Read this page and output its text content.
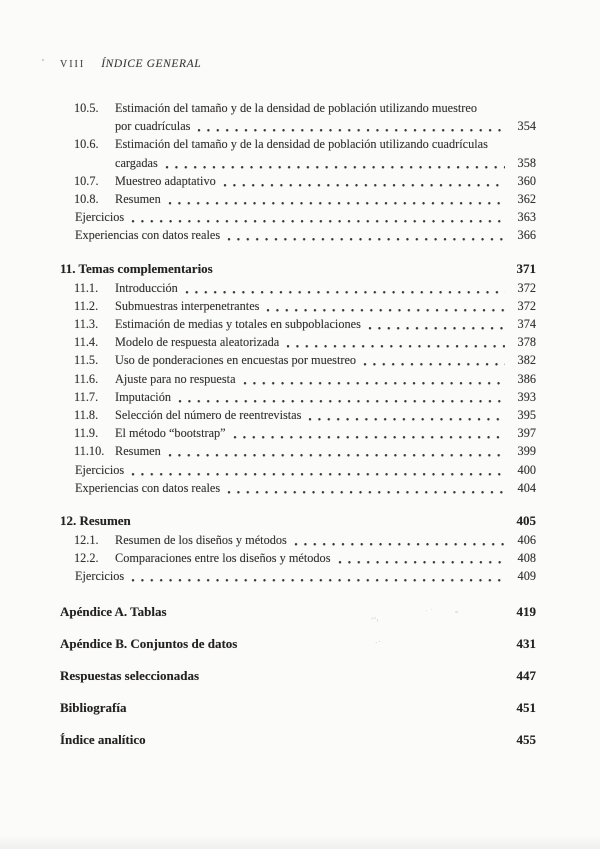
VIII ÍNDICE GENERAL
10.5.	Estimación del tamaño y de la densidad de población utilizando muestreo
por cuadrículas	354
10.6.	Estimación del tamaño y de la densidad de población utilizando cuadrículas
cargadas	358
10.7.	Muestreo adaptativo	360
10.8.	Resumen	362
Ejercicios	363
Experiencias con datos reales	366
11. Temas complementarios	371
11.1.	Introducción	372
11.2.	Submuestras interpenetrantes	372
11.3.	Estimación de medias y totales en subpoblaciones	374
11.4.	Modelo de respuesta aleatorizada	378
11.5.	Uso de ponderaciones en encuestas por muestreo	382
11.6.	Ajuste para no respuesta	386
11.7.	Imputación	393
11.8.	Selección del número de reentrevistas	395
11.9.	El método “bootstrap”	397
11.10. Resumen	399
Ejercicios	400
Experiencias con datos reales	404
12. Resumen	405
12.1.	Resumen de los diseños y métodos	406
12.2.	Comparaciones entre los diseños y métodos	408
Ejercicios	409
Apéndice A. Tablas	419
Apéndice B. Conjuntos de datos	431
Respuestas seleccionadas	447
Bibliografía	451
Índice analítico	455
~,
.·
· ·
